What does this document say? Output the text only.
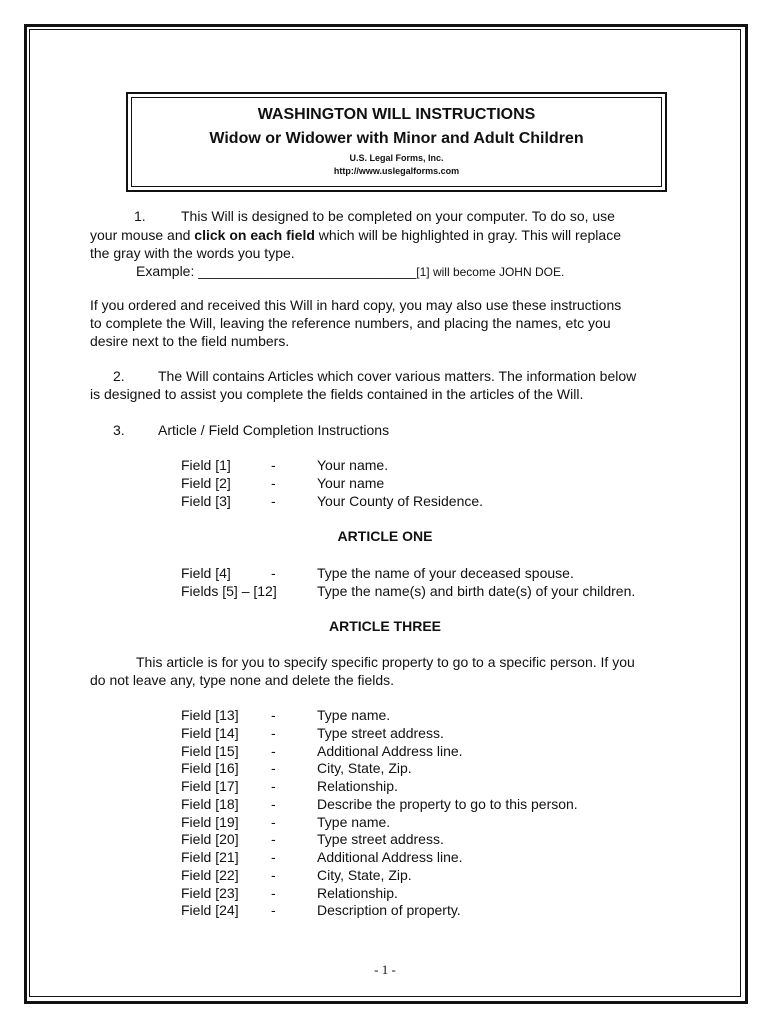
WASHINGTON WILL INSTRUCTIONS
Widow or Widower with Minor and Adult Children
U.S. Legal Forms, Inc.
http://www.uslegalforms.com
1.	This Will is designed to be completed on your computer. To do so, use
your mouse and click on each field which will be highlighted in gray. This will replace
the gray with the words you type.
Example: ____________________________[1] will become JOHN DOE.
If you ordered and received this Will in hard copy, you may also use these instructions
to complete the Will, leaving the reference numbers, and placing the names, etc you
desire next to the field numbers.
2. The Will contains Articles which cover various matters. The information below
is designed to assist you complete the fields contained in the articles of the Will.
3. Article / Field Completion Instructions
Field [1]	-	Your name.
Field [2]	-	Your name
Field [3]	-	Your County of Residence.
ARTICLE ONE
Field [4]	-	Type the name of your deceased spouse.
Fields [5] – [12]	Type the name(s) and birth date(s) of your children.
ARTICLE THREE
This article is for you to specify specific property to go to a specific person. If you
do not leave any, type none and delete the fields.
Field [13] -	Type name.
Field [14] -	Type street address.
Field [15] -	Additional Address line.
Field [16] -	City, State, Zip.
Field [17] -	Relationship.
Field [18] -	Describe the property to go to this person.
Field [19] -	Type name.
Field [20] -	Type street address.
Field [21] -	Additional Address line.
Field [22] -	City, State, Zip.
Field [23] -	Relationship.
Field [24] -	Description of property.
- 1 -
